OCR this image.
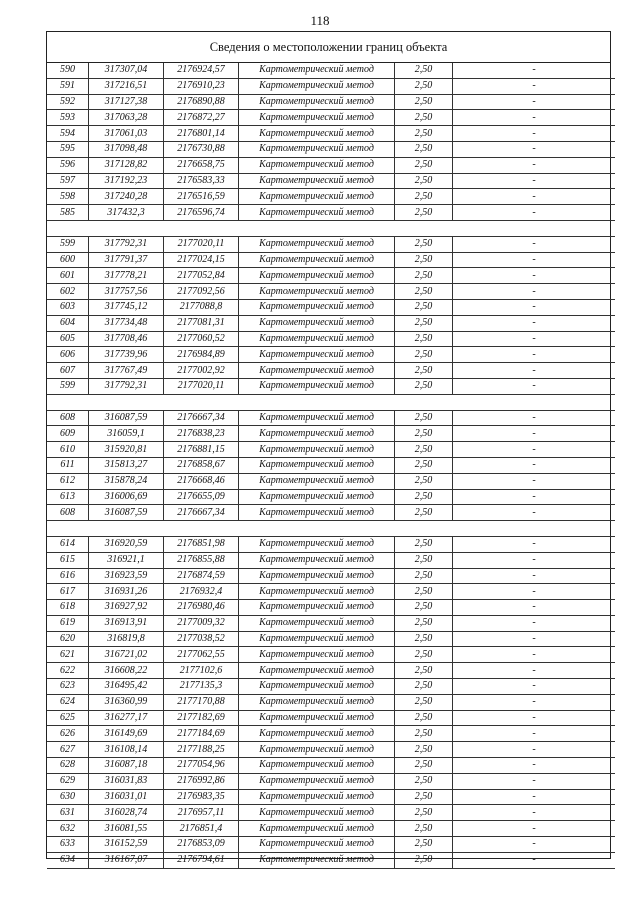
118
Сведения о местоположении границ объекта
590	317307,04	2176924,57	Картометрический метод	2,50	-
591	317216,51	2176910,23	Картометрический метод	2,50	-
592	317127,38	2176890,88	Картометрический метод	2,50	-
593	317063,28	2176872,27	Картометрический метод	2,50	-
594	317061,03	2176801,14	Картометрический метод	2,50	-
595	317098,48	2176730,88	Картометрический метод	2,50	-
596	317128,82	2176658,75	Картометрический метод	2,50	-
597	317192,23	2176583,33	Картометрический метод	2,50	-
598	317240,28	2176516,59	Картометрический метод	2,50	-
585	317432,3	2176596,74	Картометрический метод	2,50	-

599	317792,31	2177020,11	Картометрический метод	2,50	-
600	317791,37	2177024,15	Картометрический метод	2,50	-
601	317778,21	2177052,84	Картометрический метод	2,50	-
602	317757,56	2177092,56	Картометрический метод	2,50	-
603	317745,12	2177088,8	Картометрический метод	2,50	-
604	317734,48	2177081,31	Картометрический метод	2,50	-
605	317708,46	2177060,52	Картометрический метод	2,50	-
606	317739,96	2176984,89	Картометрический метод	2,50	-
607	317767,49	2177002,92	Картометрический метод	2,50	-
599	317792,31	2177020,11	Картометрический метод	2,50	-

608	316087,59	2176667,34	Картометрический метод	2,50	-
609	316059,1	2176838,23	Картометрический метод	2,50	-
610	315920,81	2176881,15	Картометрический метод	2,50	-
611	315813,27	2176858,67	Картометрический метод	2,50	-
612	315878,24	2176668,46	Картометрический метод	2,50	-
613	316006,69	2176655,09	Картометрический метод	2,50	-
608	316087,59	2176667,34	Картометрический метод	2,50	-

614	316920,59	2176851,98	Картометрический метод	2,50	-
615	316921,1	2176855,88	Картометрический метод	2,50	-
616	316923,59	2176874,59	Картометрический метод	2,50	-
617	316931,26	2176932,4	Картометрический метод	2,50	-
618	316927,92	2176980,46	Картометрический метод	2,50	-
619	316913,91	2177009,32	Картометрический метод	2,50	-
620	316819,8	2177038,52	Картометрический метод	2,50	-
621	316721,02	2177062,55	Картометрический метод	2,50	-
622	316608,22	2177102,6	Картометрический метод	2,50	-
623	316495,42	2177135,3	Картометрический метод	2,50	-
624	316360,99	2177170,88	Картометрический метод	2,50	-
625	316277,17	2177182,69	Картометрический метод	2,50	-
626	316149,69	2177184,69	Картометрический метод	2,50	-
627	316108,14	2177188,25	Картометрический метод	2,50	-
628	316087,18	2177054,96	Картометрический метод	2,50	-
629	316031,83	2176992,86	Картометрический метод	2,50	-
630	316031,01	2176983,35	Картометрический метод	2,50	-
631	316028,74	2176957,11	Картометрический метод	2,50	-
632	316081,55	2176851,4	Картометрический метод	2,50	-
633	316152,59	2176853,09	Картометрический метод	2,50	-
634	316167,07	2176794,61	Картометрический метод	2,50	-
